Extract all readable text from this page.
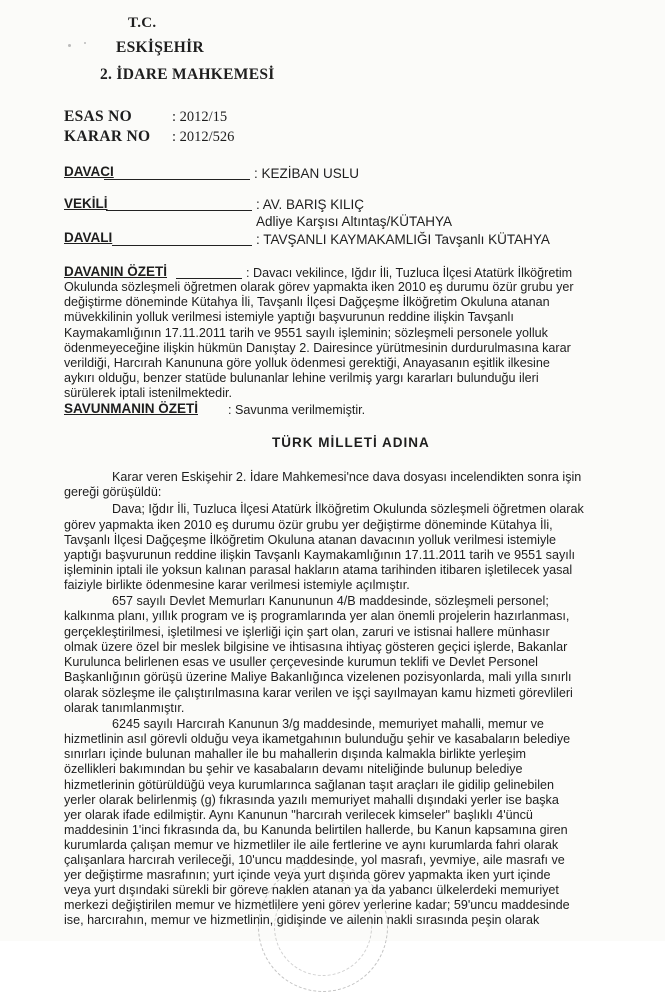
T.C.
ESKİŞEHİR
2. İDARE MAHKEMESİ
ESAS NO	: 2012/15
KARAR NO : 2012/526
DAVACI	: KEZİBAN USLU
VEKİLİ	: AV. BARIŞ KILIÇ
Adliye Karşısı Altıntaş/KÜTAHYA
DAVALI	: TAVŞANLI KAYMAKAMLIĞI Tavşanlı KÜTAHYA
DAVANIN ÖZETİ	: Davacı vekilince, Iğdır İli, Tuzluca İlçesi Atatürk İlköğretim
Okulunda sözleşmeli öğretmen olarak görev yapmakta iken 2010 eş durumu özür grubu yer
değiştirme döneminde Kütahya İli, Tavşanlı İlçesi Dağçeşme İlköğretim Okuluna atanan
müvekkilinin yolluk verilmesi istemiyle yaptığı başvurunun reddine ilişkin Tavşanlı
Kaymakamlığının 17.11.2011 tarih ve 9551 sayılı işleminin; sözleşmeli personele yolluk
ödenmeyeceğine ilişkin hükmün Danıştay 2. Dairesince yürütmesinin durdurulmasına karar
verildiği, Harcırah Kanununa göre yolluk ödenmesi gerektiği, Anayasanın eşitlik ilkesine
aykırı olduğu, benzer statüde bulunanlar lehine verilmiş yargı kararları bulunduğu ileri
sürülerek iptali istenilmektedir.
SAVUNMANIN ÖZETİ : Savunma verilmemiştir.
TÜRK MİLLETİ ADINA
Karar veren Eskişehir 2. İdare Mahkemesi'nce dava dosyası incelendikten sonra işin
gereği görüşüldü:
Dava; Iğdır İli, Tuzluca İlçesi Atatürk İlköğretim Okulunda sözleşmeli öğretmen olarak
görev yapmakta iken 2010 eş durumu özür grubu yer değiştirme döneminde Kütahya İli,
Tavşanlı İlçesi Dağçeşme İlköğretim Okuluna atanan davacının yolluk verilmesi istemiyle
yaptığı başvurunun reddine ilişkin Tavşanlı Kaymakamlığının 17.11.2011 tarih ve 9551 sayılı
işleminin iptali ile yoksun kalınan parasal hakların atama tarihinden itibaren işletilecek yasal
faiziyle birlikte ödenmesine karar verilmesi istemiyle açılmıştır.
657 sayılı Devlet Memurları Kanununun 4/B maddesinde, sözleşmeli personel;
kalkınma planı, yıllık program ve iş programlarında yer alan önemli projelerin hazırlanması,
gerçekleştirilmesi, işletilmesi ve işlerliği için şart olan, zaruri ve istisnai hallere münhasır
olmak üzere özel bir meslek bilgisine ve ihtisasına ihtiyaç gösteren geçici işlerde, Bakanlar
Kurulunca belirlenen esas ve usuller çerçevesinde kurumun teklifi ve Devlet Personel
Başkanlığının görüşü üzerine Maliye Bakanlığınca vizelenen pozisyonlarda, mali yılla sınırlı
olarak sözleşme ile çalıştırılmasına karar verilen ve işçi sayılmayan kamu hizmeti görevlileri
olarak tanımlanmıştır.
6245 sayılı Harcırah Kanunun 3/g maddesinde, memuriyet mahalli, memur ve
hizmetlinin asıl görevli olduğu veya ikametgahının bulunduğu şehir ve kasabaların belediye
sınırları içinde bulunan mahaller ile bu mahallerin dışında kalmakla birlikte yerleşim
özellikleri bakımından bu şehir ve kasabaların devamı niteliğinde bulunup belediye
hizmetlerinin götürüldüğü veya kurumlarınca sağlanan taşıt araçları ile gidilip gelinebilen
yerler olarak belirlenmiş (g) fıkrasında yazılı memuriyet mahalli dışındaki yerler ise başka
yer olarak ifade edilmiştir. Aynı Kanunun "harcırah verilecek kimseler" başlıklı 4'üncü
maddesinin 1'inci fıkrasında da, bu Kanunda belirtilen hallerde, bu Kanun kapsamına giren
kurumlarda çalışan memur ve hizmetliler ile aile fertlerine ve aynı kurumlarda fahri olarak
çalışanlara harcırah verileceği, 10'uncu maddesinde, yol masrafı, yevmiye, aile masrafı ve
yer değiştirme masrafının; yurt içinde veya yurt dışında görev yapmakta iken yurt içinde
veya yurt dışındaki sürekli bir göreve naklen atanan ya da yabancı ülkelerdeki memuriyet
merkezi değiştirilen memur ve hizmetlilere yeni görev yerlerine kadar; 59'uncu maddesinde
ise, harcırahın, memur ve hizmetlinin, gidişinde ve ailenin nakli sırasında peşin olarak
